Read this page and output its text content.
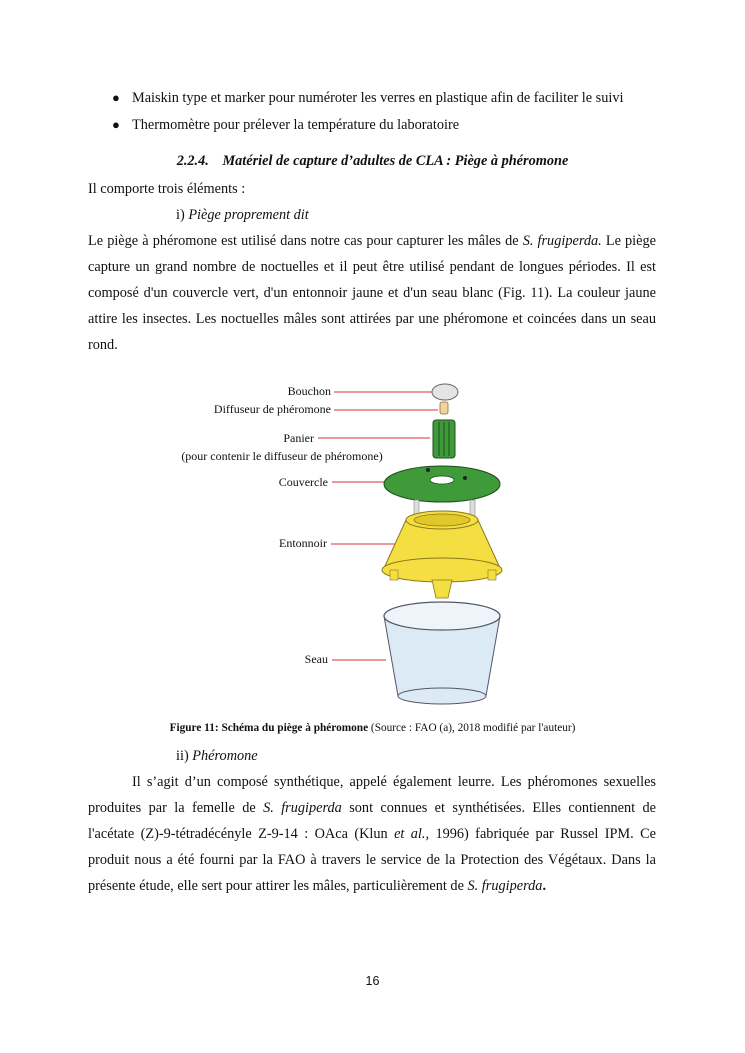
● Maiskin type et marker pour numéroter les verres en plastique afin de faciliter le suivi
● Thermomètre pour prélever la température du laboratoire
2.2.4. Matériel de capture d’adultes de CLA : Piège à phéromone
Il comporte trois éléments :
i) Piège proprement dit

Le piège à phéromone est utilisé dans notre cas pour capturer les mâles de S. frugiperda. Le piège capture un grand nombre de noctuelles et il peut être utilisé pendant de longues périodes. Il est composé d'un couvercle vert, d'un entonnoir jaune et d'un seau blanc (Fig. 11). La couleur jaune attire les insectes. Les noctuelles mâles sont attirées par une phéromone et coincées dans un seau rond.

Bouchon
Diffuseur de phéromone
Panier
(pour contenir le diffuseur de phéromone)
Couvercle
Entonnoir
Seau
Figure 11: Schéma du piège à phéromone (Source : FAO (a), 2018 modifié par l'auteur)
ii) Phéromone

Il s’agit d’un composé synthétique, appelé également leurre. Les phéromones sexuelles produites par la femelle de S. frugiperda sont connues et synthétisées. Elles contiennent de l'acétate (Z)-9-tétradécényle Z-9-14 : OAca (Klun et al., 1996) fabriquée par Russel IPM. Ce produit nous a été fourni par la FAO à travers le service de la Protection des Végétaux. Dans la présente étude, elle sert pour attirer les mâles, particulièrement de S. frugiperda.

16
